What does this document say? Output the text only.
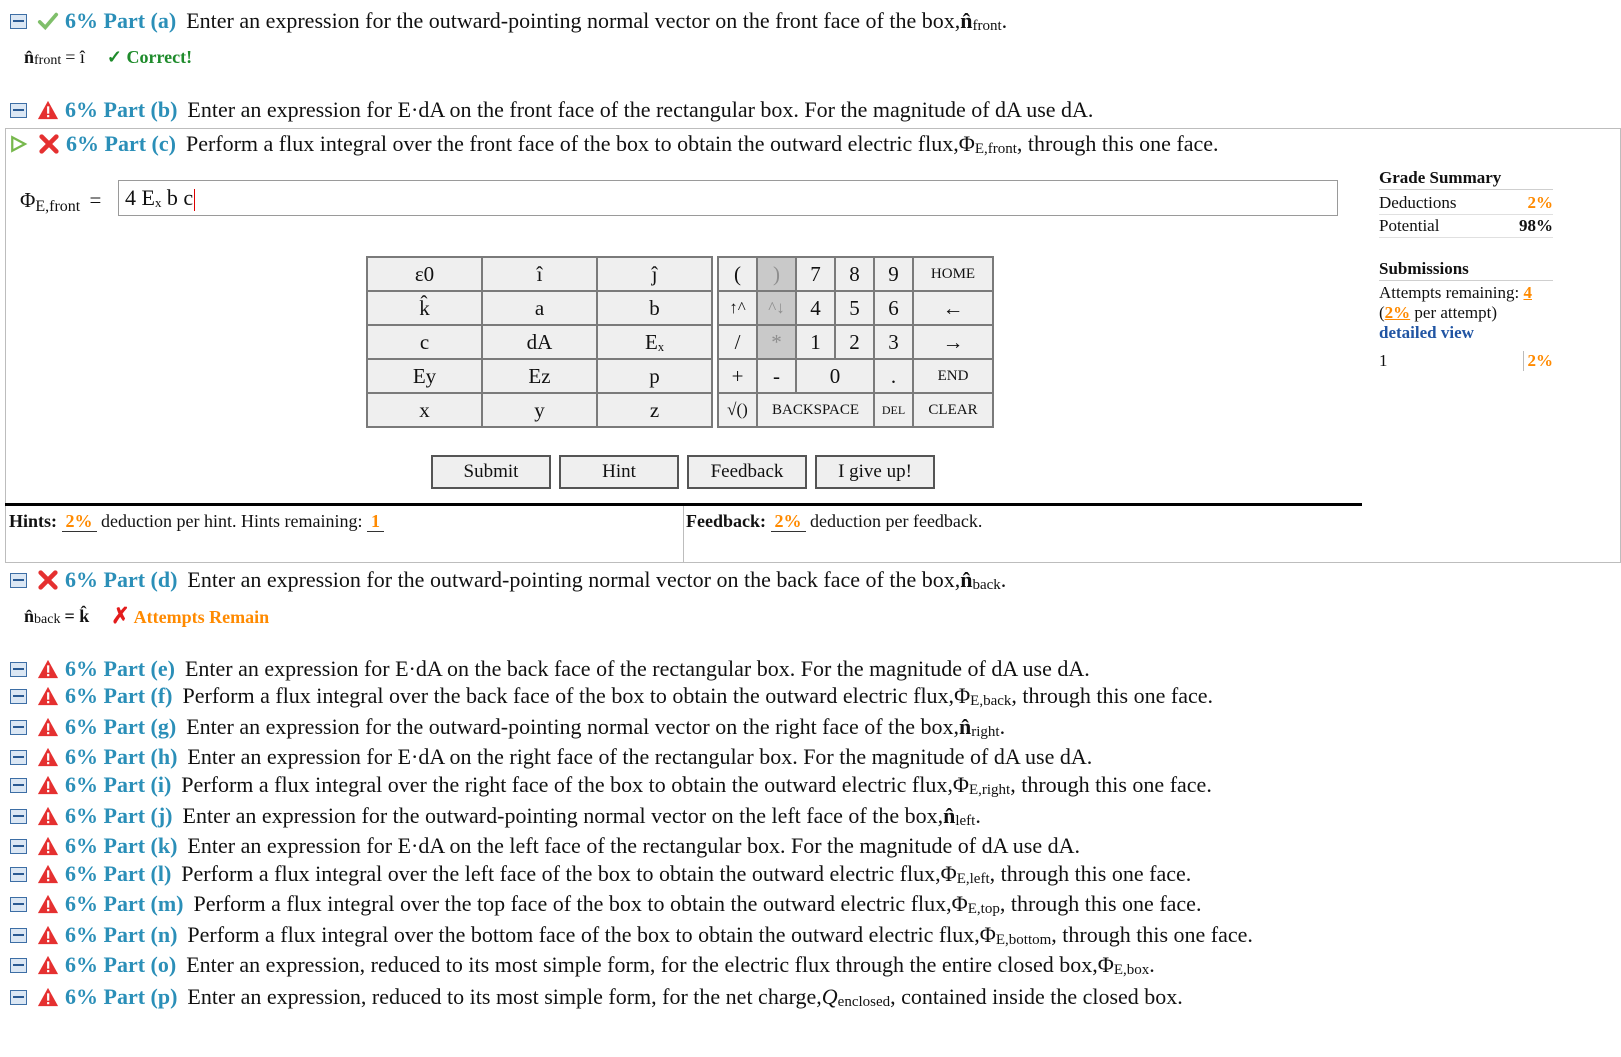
6% Part (a) Enter an expression for the outward-pointing normal vector on the front face of the box, n̂ front .
n̂ front = î ✓ Correct!
6% Part (b) Enter an expression for E·dA on the front face of the rectangular box. For the magnitude of dA use dA.
6% Part (c) Perform a flux integral over the front face of the box to obtain the outward electric flux, Φ E,front , through this one face.
ΦE,front =	4 Eₓ b c
ε0	î	ĵ
k̂	a	b
c	dA	Eₓ
Ey	Ez	p
x	y	z
(	)	7	8	9	HOME
↑^	^↓	4	5	6	←
/	*	1	2	3	→
+	-	0		.	END
√()	BACKSPACE			DEL	CLEAR
Submit	Hint	Feedback	I give up!
Hints: 2% deduction per hint. Hints remaining: 1	Feedback: 2% deduction per feedback.
Grade Summary
Deductions	2%
Potential	98%
Submissions
Attempts remaining: 4
(2% per attempt)
detailed view
1	2%
6% Part (d) Enter an expression for the outward-pointing normal vector on the back face of the box, n̂ back .
n̂ back = k̂ ✗ Attempts Remain
6% Part (e) Enter an expression for E·dA on the back face of the rectangular box. For the magnitude of dA use dA.
6% Part (f) Perform a flux integral over the back face of the box to obtain the outward electric flux, Φ E,back , through this one face.
6% Part (g) Enter an expression for the outward-pointing normal vector on the right face of the box, n̂ right .
6% Part (h) Enter an expression for E·dA on the right face of the rectangular box. For the magnitude of dA use dA.
6% Part (i) Perform a flux integral over the right face of the box to obtain the outward electric flux, Φ E,right , through this one face.
6% Part (j) Enter an expression for the outward-pointing normal vector on the left face of the box, n̂ left .
6% Part (k) Enter an expression for E·dA on the left face of the rectangular box. For the magnitude of dA use dA.
6% Part (l) Perform a flux integral over the left face of the box to obtain the outward electric flux, Φ E,left , through this one face.
6% Part (m) Perform a flux integral over the top face of the box to obtain the outward electric flux, Φ E,top , through this one face.
6% Part (n) Perform a flux integral over the bottom face of the box to obtain the outward electric flux, Φ E,bottom , through this one face.
6% Part (o) Enter an expression, reduced to its most simple form, for the electric flux through the entire closed box, Φ E,box .
6% Part (p) Enter an expression, reduced to its most simple form, for the net charge, Q enclosed , contained inside the closed box.
